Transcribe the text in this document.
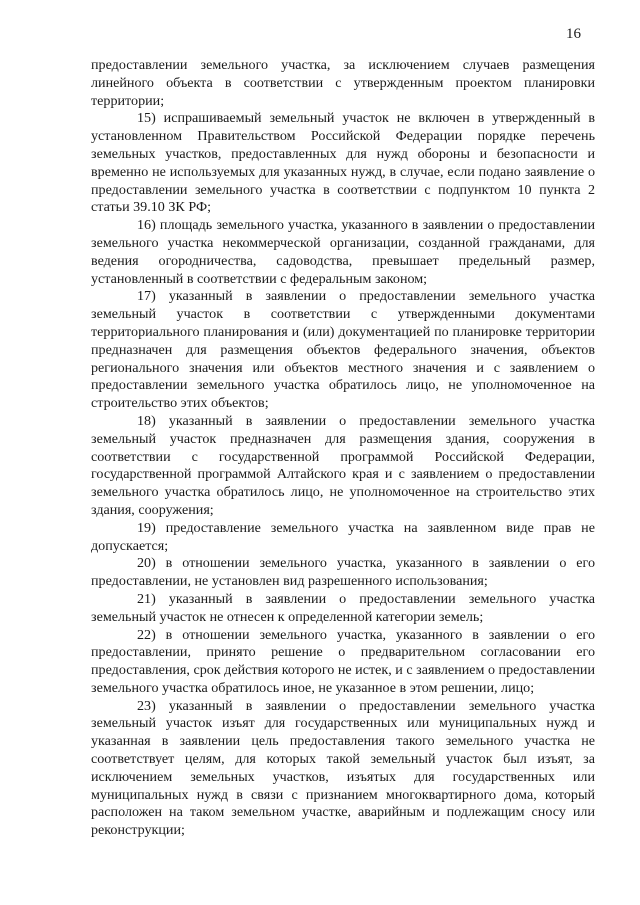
16

предоставлении земельного участка, за исключением случаев размещения линейного объекта в соответствии с утвержденным проектом планировки территории;

15) испрашиваемый земельный участок не включен в утвержденный в установленном Правительством Российской Федерации порядке перечень земельных участков, предоставленных для нужд обороны и безопасности и временно не используемых для указанных нужд, в случае, если подано заявление о предоставлении земельного участка в соответствии с подпунктом 10 пункта 2 статьи 39.10 ЗК РФ;

16) площадь земельного участка, указанного в заявлении о предоставлении земельного участка некоммерческой организации, созданной гражданами, для ведения огородничества, садоводства, превышает предельный размер, установленный в соответствии с федеральным законом;

17) указанный в заявлении о предоставлении земельного участка земельный участок в соответствии с утвержденными документами территориального планирования и (или) документацией по планировке территории предназначен для размещения объектов федерального значения, объектов регионального значения или объектов местного значения и с заявлением о предоставлении земельного участка обратилось лицо, не уполномоченное на строительство этих объектов;

18) указанный в заявлении о предоставлении земельного участка земельный участок предназначен для размещения здания, сооружения в соответствии с государственной программой Российской Федерации, государственной программой Алтайского края и с заявлением о предоставлении земельного участка обратилось лицо, не уполномоченное на строительство этих здания, сооружения;

19) предоставление земельного участка на заявленном виде прав не допускается;

20) в отношении земельного участка, указанного в заявлении о его предоставлении, не установлен вид разрешенного использования;

21) указанный в заявлении о предоставлении земельного участка земельный участок не отнесен к определенной категории земель;

22) в отношении земельного участка, указанного в заявлении о его предоставлении, принято решение о предварительном согласовании его предоставления, срок действия которого не истек, и с заявлением о предоставлении земельного участка обратилось иное, не указанное в этом решении, лицо;

23) указанный в заявлении о предоставлении земельного участка земельный участок изъят для государственных или муниципальных нужд и указанная в заявлении цель предоставления такого земельного участка не соответствует целям, для которых такой земельный участок был изъят, за исключением земельных участков, изъятых для государственных или муниципальных нужд в связи с признанием многоквартирного дома, который расположен на таком земельном участке, аварийным и подлежащим сносу или реконструкции;
